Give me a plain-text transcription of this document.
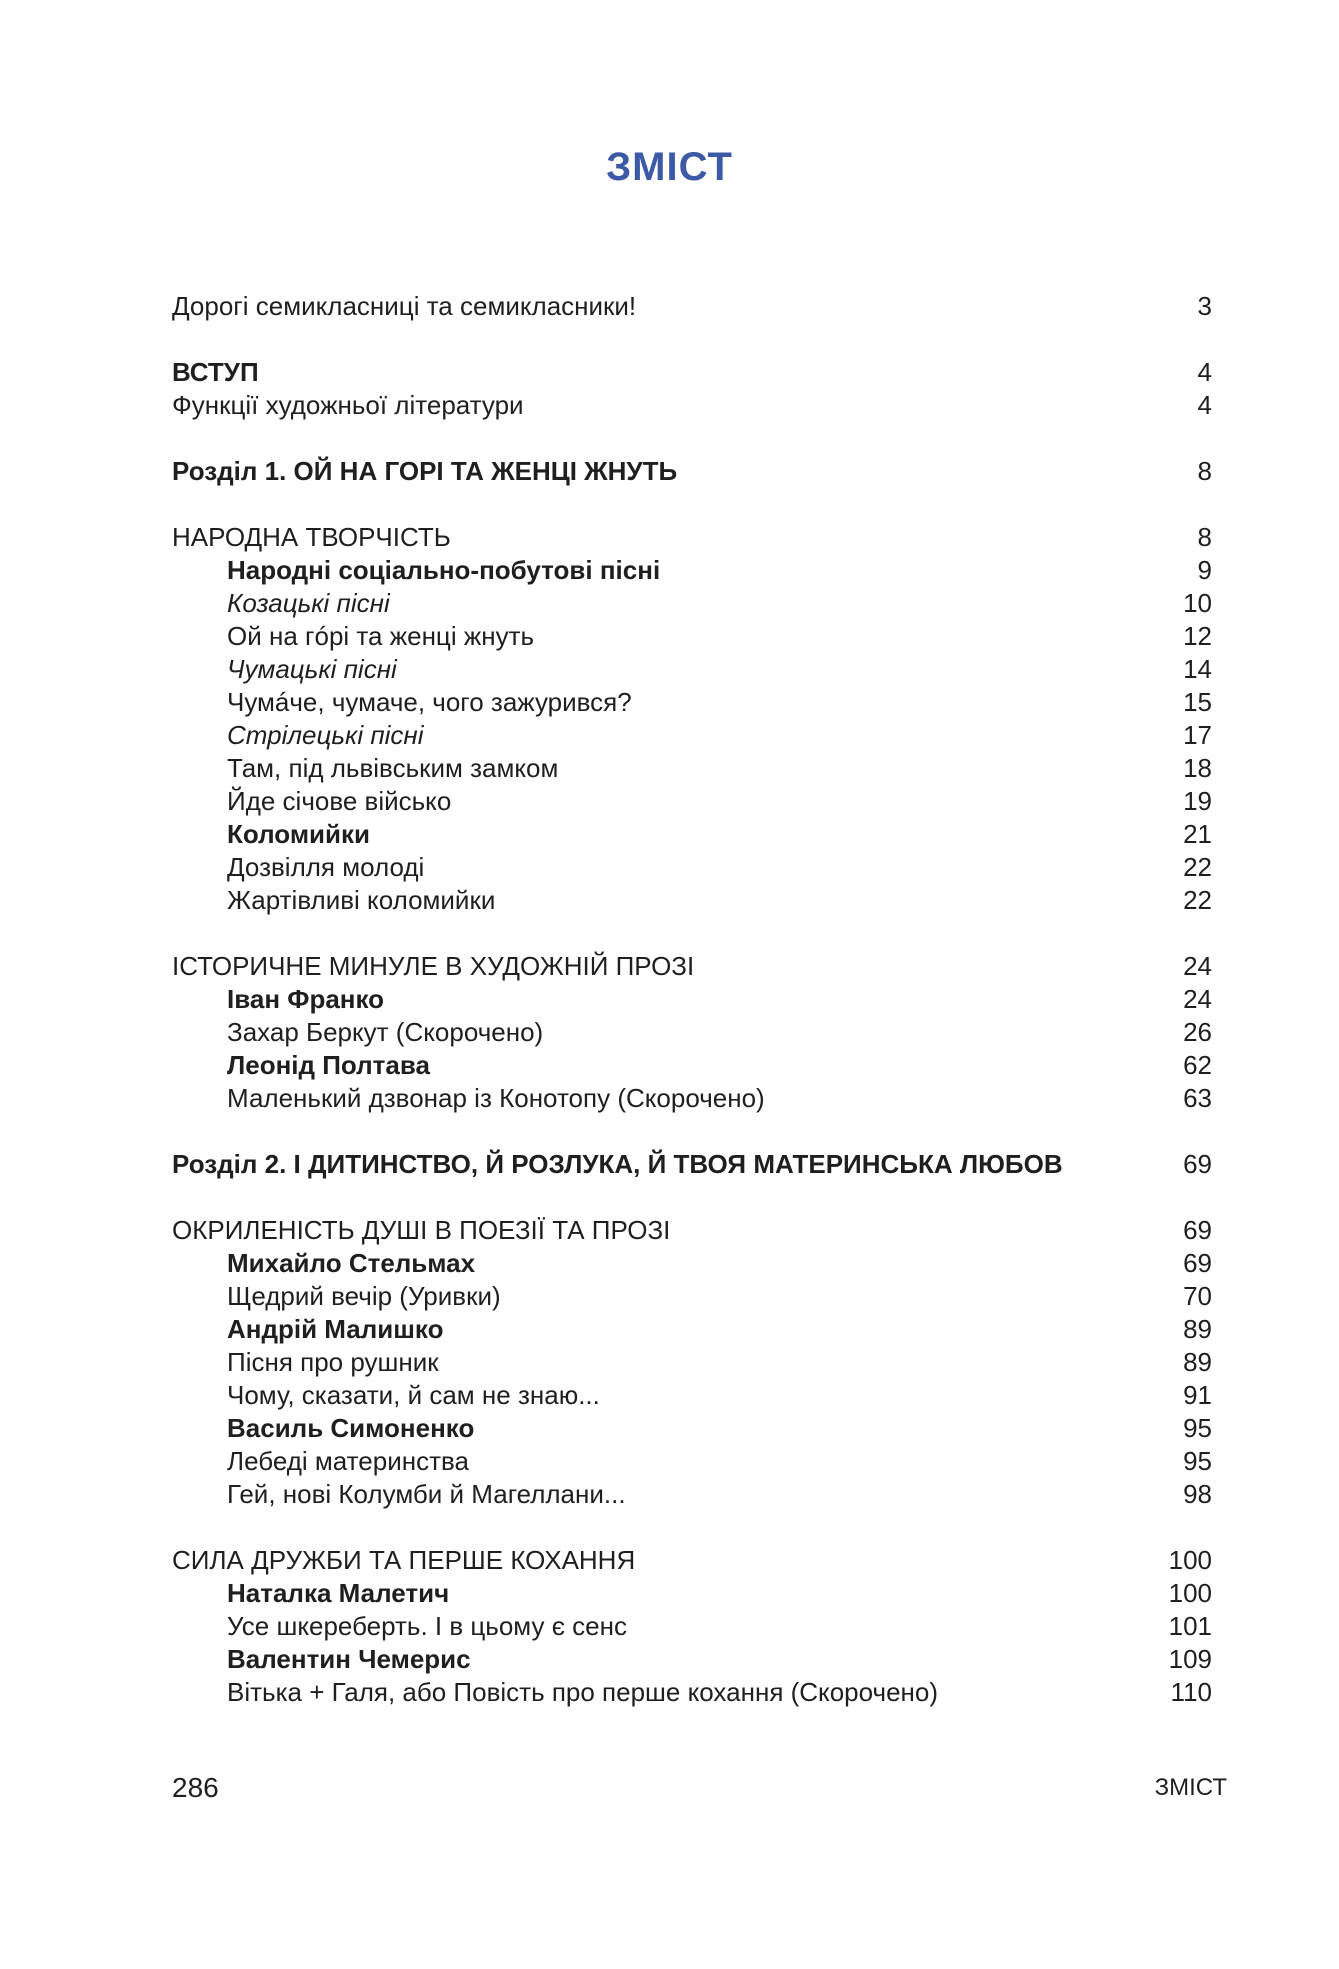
ЗМІСТ
Дорогі семикласниці та семикласники!	3
ВСТУП	4
Функції художньої літератури	4
Розділ 1. ОЙ НА ГОРІ ТА ЖЕНЦІ ЖНУТЬ	8
НАРОДНА ТВОРЧІСТЬ	8
Народні соціально-побутові пісні	9
Козацькі пісні	10
Ой на гóрі та женці жнуть	12
Чумацькі пісні	14
Чумáче, чумаче, чого зажурився?	15
Стрілецькі пісні	17
Там, під львівським замком	18
Йде січове військо	19
Коломийки	21
Дозвілля молоді	22
Жартівливі коломийки	22
ІСТОРИЧНЕ МИНУЛЕ В ХУДОЖНІЙ ПРОЗІ	24
Іван Франко	24
Захар Беркут (Скорочено)	26
Леонід Полтава	62
Маленький дзвонар із Конотопу (Скорочено)	63
Розділ 2. І ДИТИНСТВО, Й РОЗЛУКА, Й ТВОЯ МАТЕРИНСЬКА ЛЮБОВ	69
ОКРИЛЕНІСТЬ ДУШІ В ПОЕЗІЇ ТА ПРОЗІ	69
Михайло Стельмах	69
Щедрий вечір (Уривки)	70
Андрій Малишко	89
Пісня про рушник	89
Чому, сказати, й сам не знаю...	91
Василь Симоненко	95
Лебеді материнства	95
Гей, нові Колумби й Магеллани...	98
СИЛА ДРУЖБИ ТА ПЕРШЕ КОХАННЯ	100
Наталка Малетич	100
Усе шкереберть. І в цьому є сенс	101
Валентин Чемерис	109
Вітька + Галя, або Повість про перше кохання (Скорочено)	110
286	ЗМІСТ
